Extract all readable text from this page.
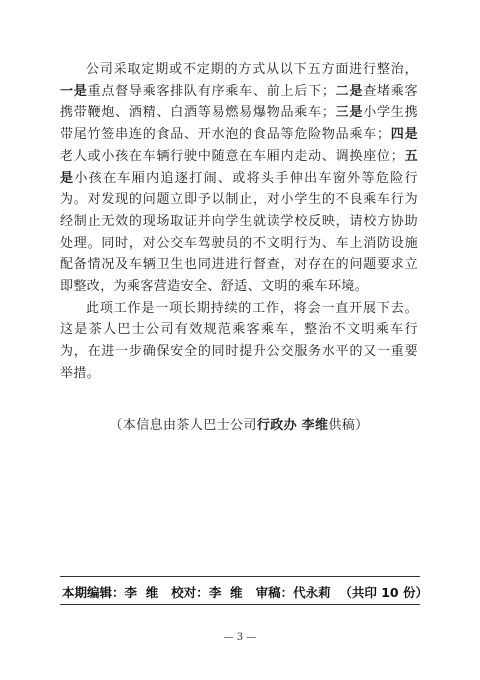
公司采取定期或不定期的方式从以下五方面进行整治，一是重点督导乘客排队有序乘车、前上后下；二是查堵乘客携带鞭炮、酒精、白酒等易燃易爆物品乘车；三是小学生携带尾竹签串连的食品、开水泡的食品等危险物品乘车；四是老人或小孩在车辆行驶中随意在车厢内走动、调换座位；五是小孩在车厢内追逐打闹、或将头手伸出车窗外等危险行为。对发现的问题立即予以制止，对小学生的不良乘车行为经制止无效的现场取证并向学生就读学校反映，请校方协助处理。同时，对公交车驾驶员的不文明行为、车上消防设施配备情况及车辆卫生也同进进行督查，对存在的问题要求立即整改，为乘客营造安全、舒适、文明的乘车环境。

此项工作是一项长期持续的工作，将会一直开展下去。这是茶人巴士公司有效规范乘客乘车，整治不文明乘车行为，在进一步确保安全的同时提升公交服务水平的又一重要举措。

（本信息由茶人巴士公司行政办 李维供稿）
本期编辑：李  维 校对：李  维 审稿：代永莉 （共印 10 份）
— 3 —
